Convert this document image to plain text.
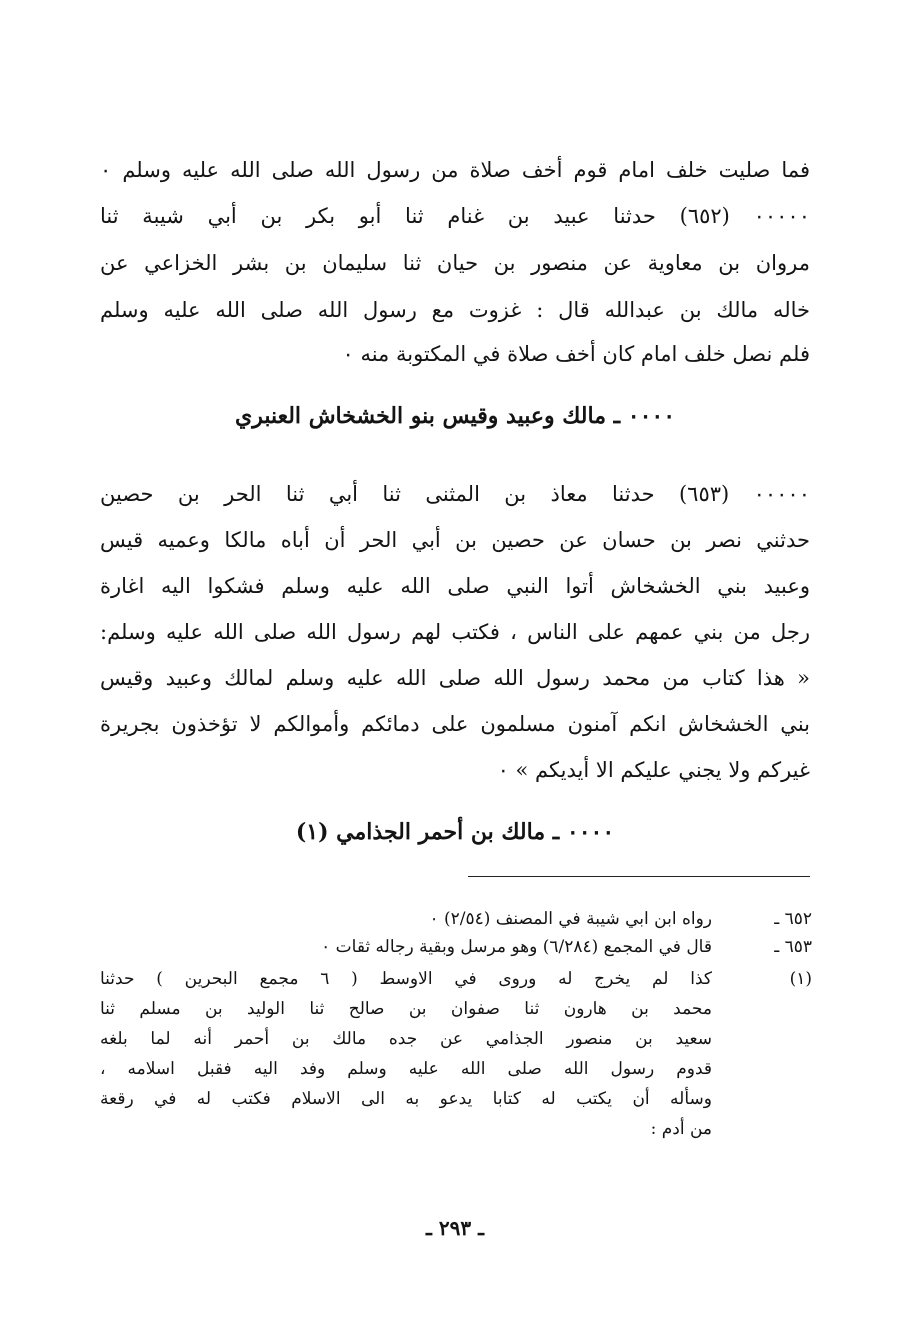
فما صليت خلف امام قوم أخف صلاة من رسول الله صلى الله عليه وسلم ٠
٠٠٠٠٠ (٦٥٢) حدثنا عبيد بن غنام ثنا أبو بكر بن أبي شيبة ثنا
مروان بن معاوية عن منصور بن حيان ثنا سليمان بن بشر الخزاعي عن
خاله مالك بن عبدالله قال : غزوت مع رسول الله صلى الله عليه وسلم
فلم نصل خلف امام كان أخف صلاة في المكتوبة منه ٠
٠٠٠٠ ـ مالك وعبيد وقيس بنو الخشخاش العنبري
٠٠٠٠٠ (٦٥٣) حدثنا معاذ بن المثنى ثنا أبي ثنا الحر بن حصين
حدثني نصر بن حسان عن حصين بن أبي الحر أن أباه مالكا وعميه قيس
وعبيد بني الخشخاش أتوا النبي صلى الله عليه وسلم فشكوا اليه اغارة
رجل من بني عمهم على الناس ، فكتب لهم رسول الله صلى الله عليه وسلم:
« هذا كتاب من محمد رسول الله صلى الله عليه وسلم لمالك وعبيد وقيس
بني الخشخاش انكم آمنون مسلمون على دمائكم وأموالكم لا تؤخذون بجريرة
غيركم ولا يجني عليكم الا أيديكم » ٠
٠٠٠٠ ـ مالك بن أحمر الجذامي (١)
٦٥٢ ـ
رواه ابن ابي شيبة في المصنف (٢/٥٤) ٠
٦٥٣ ـ
قال في المجمع (٦/٢٨٤) وهو مرسل وبقية رجاله ثقات ٠
(١)
كذا لم يخرج له وروى في الاوسط ( ٦ مجمع البحرين ) حدثنا
محمد بن هارون ثنا صفوان بن صالح ثنا الوليد بن مسلم ثنا
سعيد بن منصور الجذامي عن جده مالك بن أحمر أنه لما بلغه
قدوم رسول الله صلى الله عليه وسلم وفد اليه فقبل اسلامه ،
وسأله أن يكتب له كتابا يدعو به الى الاسلام فكتب له في رقعة
من أدم :
ـ ٢٩٣ ـ
